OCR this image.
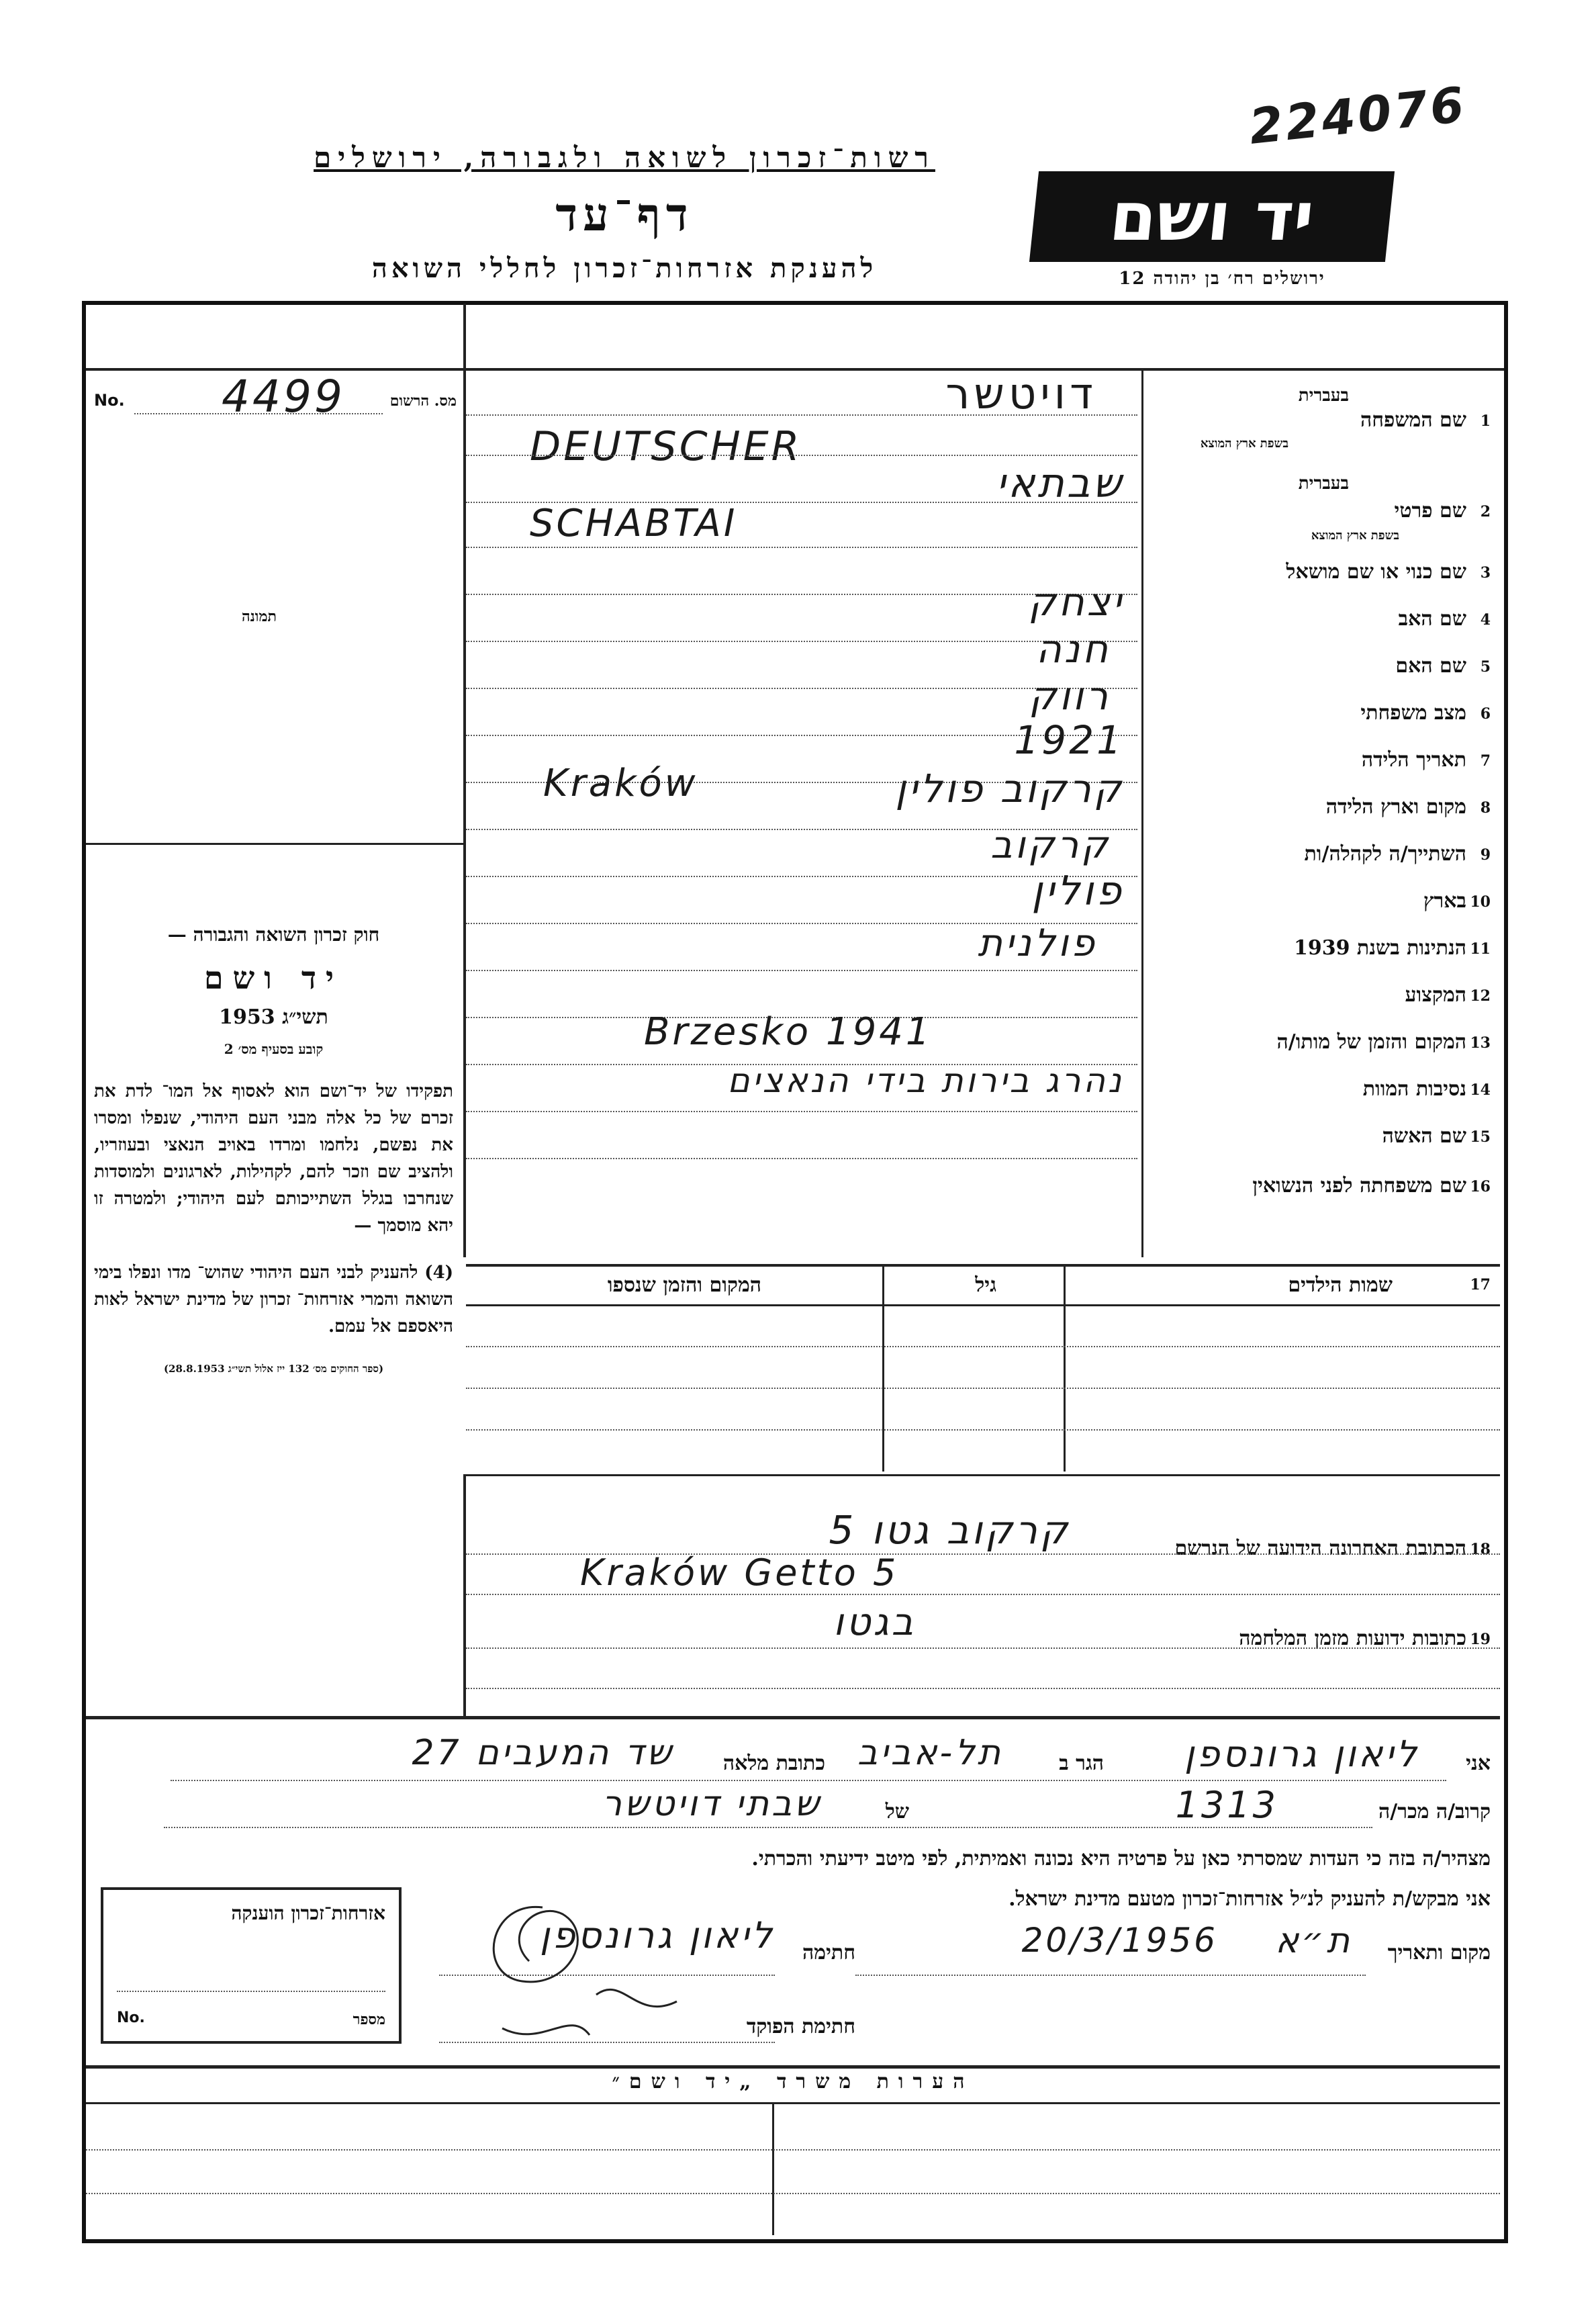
224076
רשות־זכרון לשואה ולגבורה, ירושלים
דף־עד
להענקת אזרחות־זכרון לחללי השואה
יד ושם
ירושלים רח׳ בן יהודה 12
No. 4499	מס. הרשום
תמונה

חוק זכרון השואה והגבורה —

יד ושם

תשי״ג 1953

קובע בסעיף מס׳ 2

תפקידו של יד־ושם הוא לאסוף אל המו־ לדת את זכרם של כל אלה מבני העם היהודי, שנפלו ומסרו את נפשם, נלחמו ומרדו באויב הנאצי ובעוזריו, ולהציב שם וזכר להם, לקהילות, לארגונים ולמוסדות שנחרבו בגלל השתייכותם לעם היהודי; ולמטרה זו יהא מוסמך —

(4) להעניק לבני העם היהודי שהוש־ מדו ונפלו בימי השואה והמרי אזרחות־ זכרון של מדינת ישראל לאות היאספם אל עמם.

(ספר החוקים מס׳ 132 ייז אלול תשי״ג 28.8.1953)

1
שם המשפחה
בעברית
בשפת ארץ המוצא
דויטשר
DEUTSCHER
2
שם פרטי
בעברית
בשפת ארץ המוצא
שבתאי
SCHABTAI
3
שם כנוי או שם מושאל
4
שם האב
יצחק
5
שם האם
חנה
6
מצב משפחתי
רווק
7
תאריך הלידה
1921
8
מקום וארץ הלידה
קרקוב פולין
Kraków
9
השתייך/ה לקהלה/ות
קרקוב
10
בארץ
פולין
11
הנתינות בשנת 1939
פולנית
12
המקצוע
13
המקום והזמן של מותו/ה
Brzesko 1941
14
נסיבות המוות
נהרג בירות בידי הנאצים
15
שם האשה
16
שם משפחתה לפני הנשואין
17
שמות הילדים
גיל
המקום והזמן שנספו
18
הכתובת האחרונה הידועה של הנרשם
קרקוב גטו 5
Kraków Getto 5
19
כתובות ידועות מזמן המלחמה
בגטו
אני
ליאון גרונספן
הגר ב
תל-אביב
כתובת מלאה
שד המעבים 27
קרוב/ה מכר/ה
1313
של
שבתי דויטשר
מצהיר/ה בזה כי העדות שמסרתי כאן על פרטיה היא נכונה ואמיתית, לפי מיטב ידיעתי והכרתי.
אני מבקש/ת להעניק לנ״ל אזרחות־זכרון מטעם מדינת ישראל.
מקום ותאריך
ת״א
20/3/1956
חתימה
ליאון גרונספן
חתימת הפוקד
אזרחות־זכרון הוענקה
מספר
No.
הערות משרד „יד ושם״
